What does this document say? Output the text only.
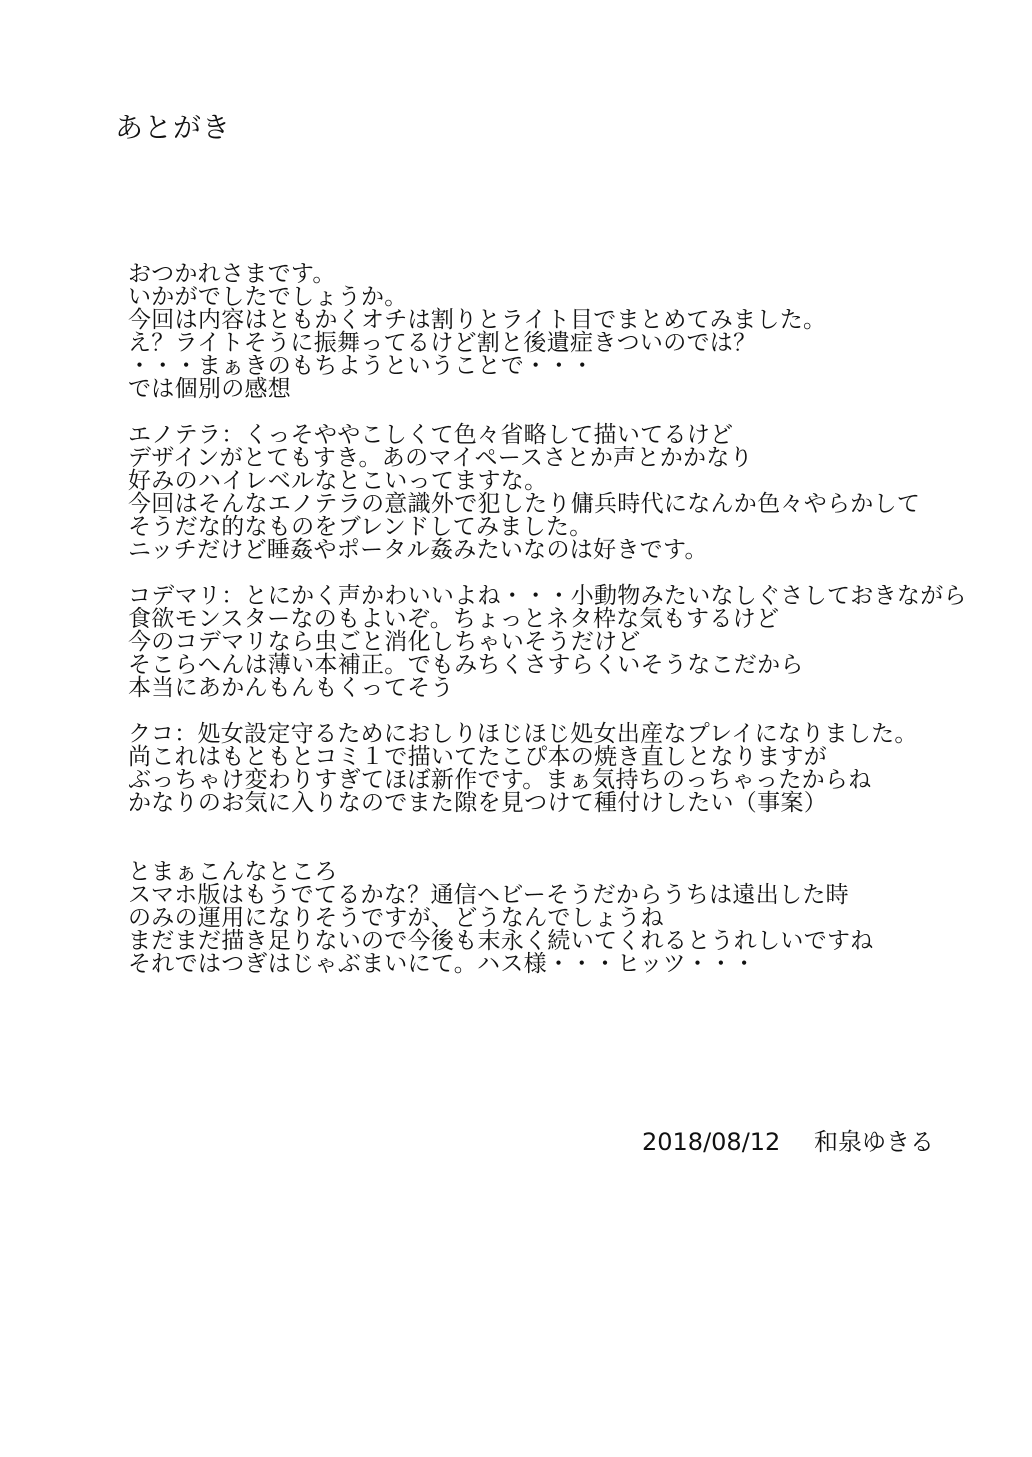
あとがき
おつかれさまです。
いかがでしたでしょうか。
今回は内容はともかくオチは割りとライト目でまとめてみました。
え？ライトそうに振舞ってるけど割と後遺症きついのでは？
・・・まぁきのもちようということで・・・
では個別の感想
エノテラ：くっそややこしくて色々省略して描いてるけど
デザインがとてもすき。あのマイペースさとか声とかかなり
好みのハイレベルなとこいってますな。
今回はそんなエノテラの意識外で犯したり傭兵時代になんか色々やらかして
そうだな的なものをブレンドしてみました。
ニッチだけど睡姦やポータル姦みたいなのは好きです。
コデマリ：とにかく声かわいいよね・・・小動物みたいなしぐさしておきながら
食欲モンスターなのもよいぞ。ちょっとネタ枠な気もするけど
今のコデマリなら虫ごと消化しちゃいそうだけど
そこらへんは薄い本補正。でもみちくさすらくいそうなこだから
本当にあかんもんもくってそう
クコ：処女設定守るためにおしりほじほじ処女出産なプレイになりました。
尚これはもともとコミ１で描いてたこぴ本の焼き直しとなりますが
ぶっちゃけ変わりすぎてほぼ新作です。まぁ気持ちのっちゃったからね
かなりのお気に入りなのでまた隙を見つけて種付けしたい（事案）
とまぁこんなところ
スマホ版はもうでてるかな？通信ヘビーそうだからうちは遠出した時
のみの運用になりそうですが、どうなんでしょうね
まだまだ描き足りないので今後も末永く続いてくれるとうれしいですね
それではつぎはじゃぶまいにて。ハス様・・・ヒッツ・・・
2018/08/12 和泉ゆきる
